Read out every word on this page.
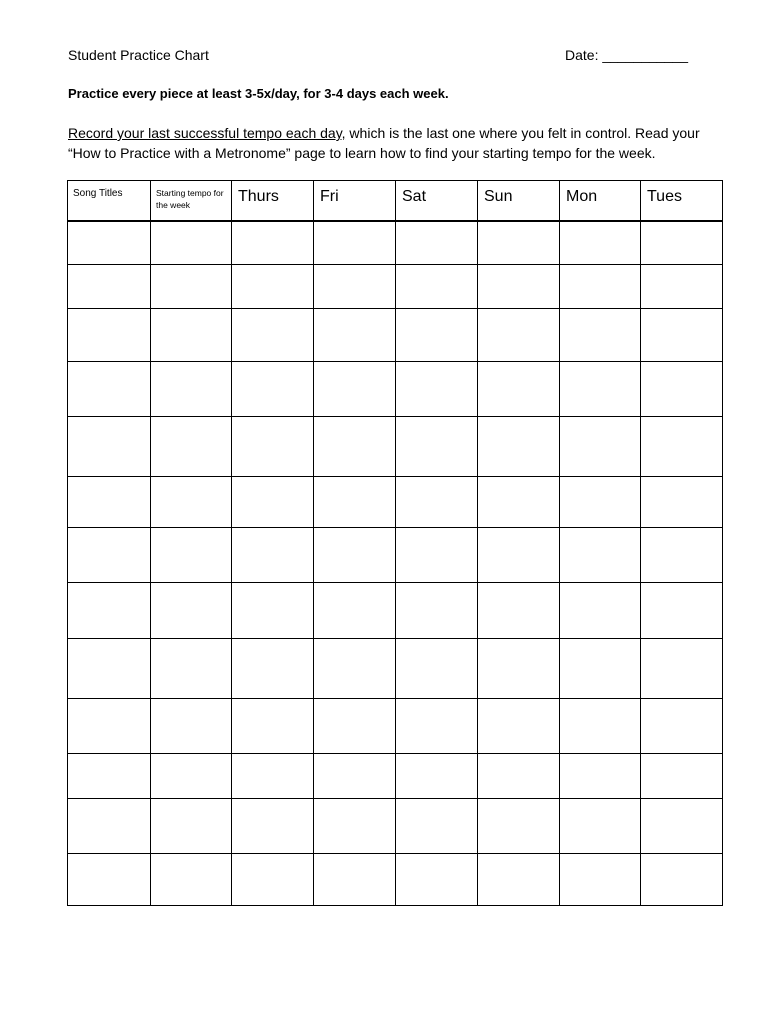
Student Practice Chart	Date: ___________
Practice every piece at least 3-5x/day, for 3-4 days each week.
Record your last successful tempo each day, which is the last one where you felt in control. Read your “How to Practice with a Metronome” page to learn how to find your starting tempo for the week.
Song Titles	Starting tempo for the week	Thurs	Fri	Sat	Sun	Mon	Tues
